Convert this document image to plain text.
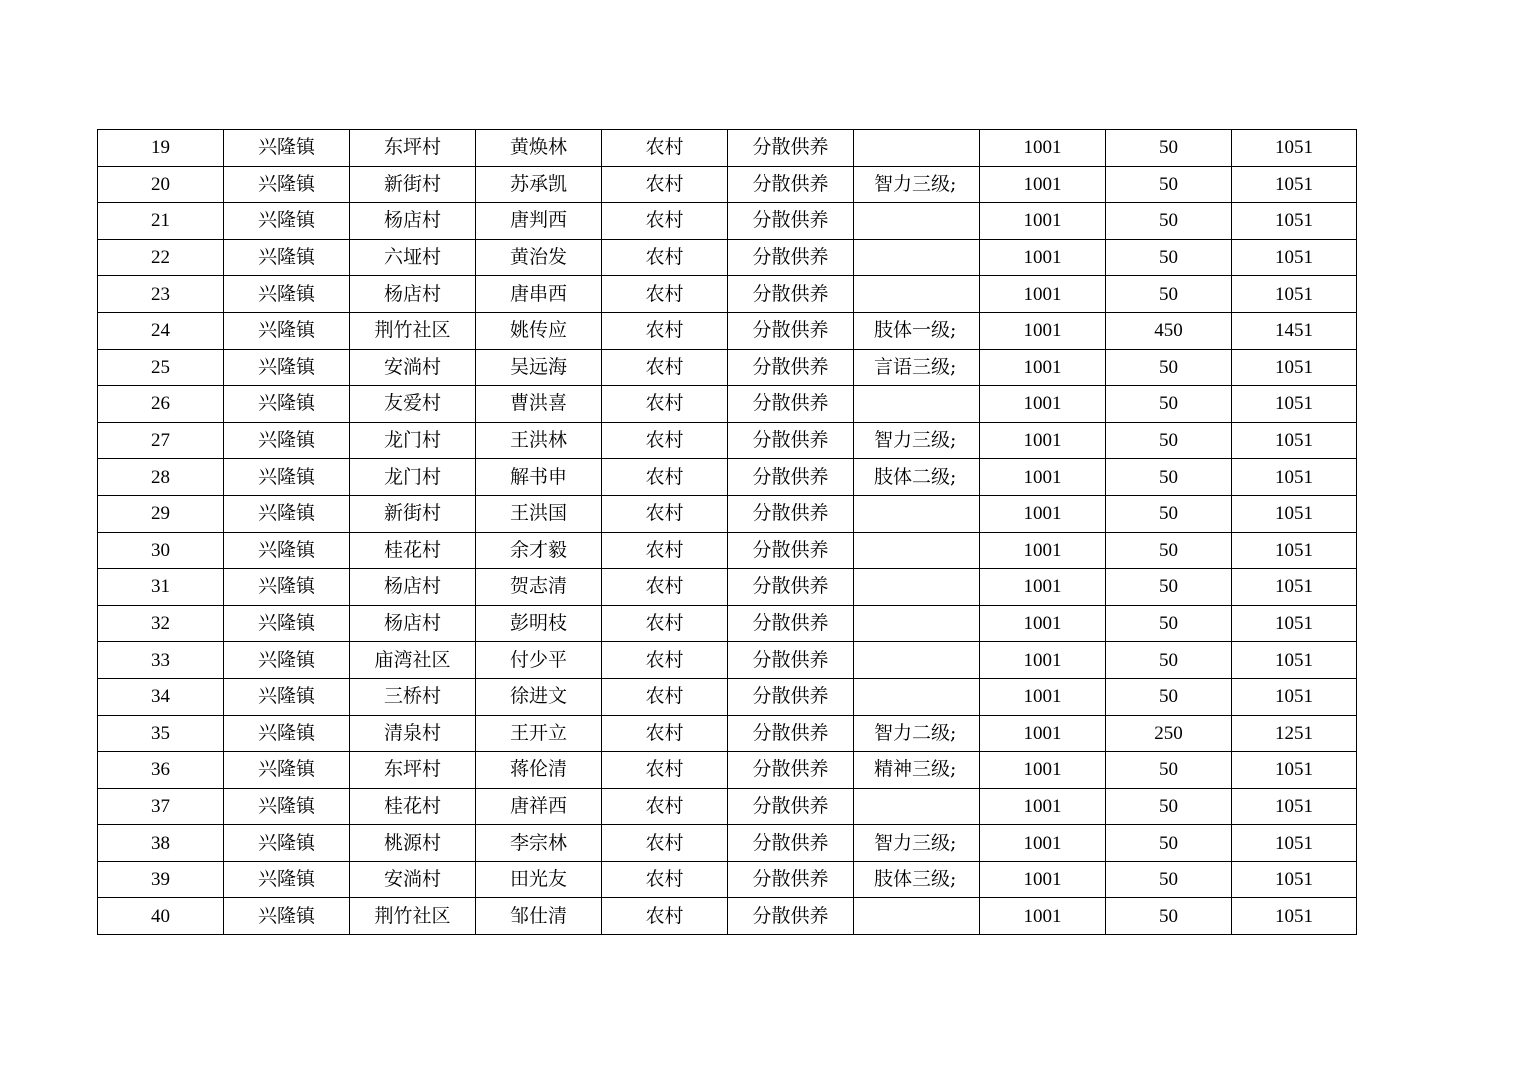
19	兴隆镇	东坪村	黄焕林	农村	分散供养		1001	50	1051
20	兴隆镇	新街村	苏承凯	农村	分散供养	智力三级;	1001	50	1051
21	兴隆镇	杨店村	唐判西	农村	分散供养		1001	50	1051
22	兴隆镇	六垭村	黄治发	农村	分散供养		1001	50	1051
23	兴隆镇	杨店村	唐串西	农村	分散供养		1001	50	1051
24	兴隆镇	荆竹社区	姚传应	农村	分散供养	肢体一级;	1001	450	1451
25	兴隆镇	安淌村	吴远海	农村	分散供养	言语三级;	1001	50	1051
26	兴隆镇	友爱村	曹洪喜	农村	分散供养		1001	50	1051
27	兴隆镇	龙门村	王洪林	农村	分散供养	智力三级;	1001	50	1051
28	兴隆镇	龙门村	解书申	农村	分散供养	肢体二级;	1001	50	1051
29	兴隆镇	新街村	王洪国	农村	分散供养		1001	50	1051
30	兴隆镇	桂花村	余才毅	农村	分散供养		1001	50	1051
31	兴隆镇	杨店村	贺志清	农村	分散供养		1001	50	1051
32	兴隆镇	杨店村	彭明枝	农村	分散供养		1001	50	1051
33	兴隆镇	庙湾社区	付少平	农村	分散供养		1001	50	1051
34	兴隆镇	三桥村	徐进文	农村	分散供养		1001	50	1051
35	兴隆镇	清泉村	王开立	农村	分散供养	智力二级;	1001	250	1251
36	兴隆镇	东坪村	蒋伦清	农村	分散供养	精神三级;	1001	50	1051
37	兴隆镇	桂花村	唐祥西	农村	分散供养		1001	50	1051
38	兴隆镇	桃源村	李宗林	农村	分散供养	智力三级;	1001	50	1051
39	兴隆镇	安淌村	田光友	农村	分散供养	肢体三级;	1001	50	1051
40	兴隆镇	荆竹社区	邹仕清	农村	分散供养		1001	50	1051
